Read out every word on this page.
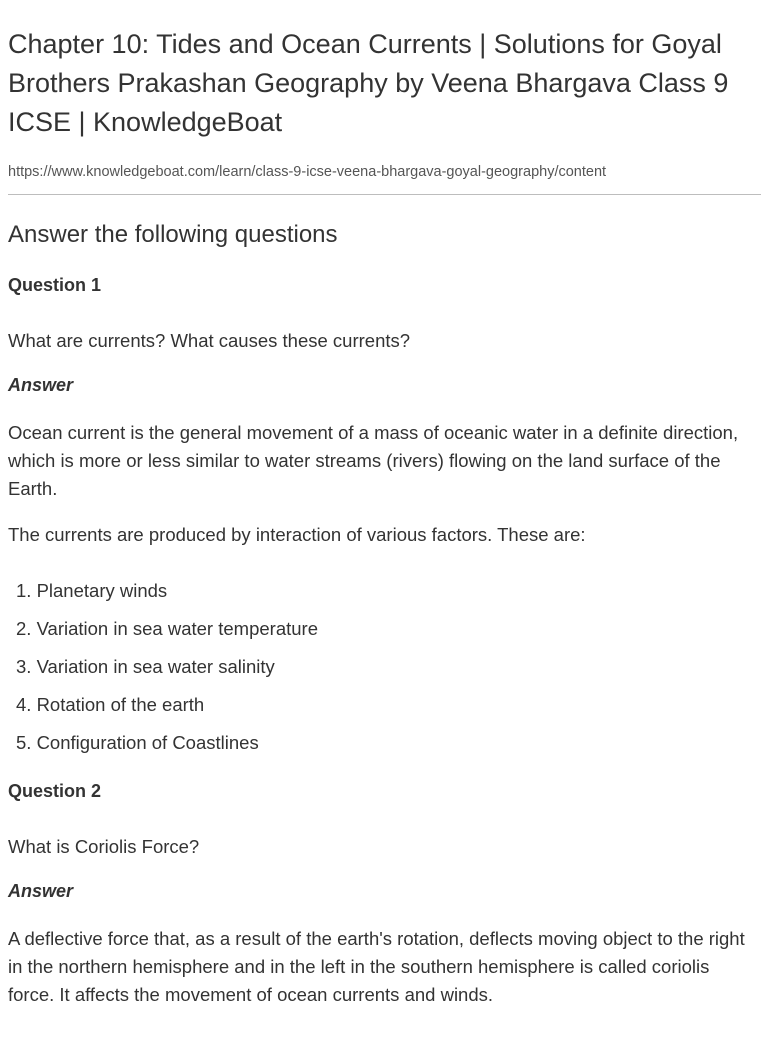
Chapter 10: Tides and Ocean Currents | Solutions for Goyal Brothers Prakashan Geography by Veena Bhargava Class 9 ICSE | KnowledgeBoat
https://www.knowledgeboat.com/learn/class-9-icse-veena-bhargava-goyal-geography/content
Answer the following questions
Question 1
What are currents? What causes these currents?
Answer
Ocean current is the general movement of a mass of oceanic water in a definite direction, which is more or less similar to water streams (rivers) flowing on the land surface of the Earth.
The currents are produced by interaction of various factors. These are:
1. Planetary winds
2. Variation in sea water temperature
3. Variation in sea water salinity
4. Rotation of the earth
5. Configuration of Coastlines
Question 2
What is Coriolis Force?
Answer
A deflective force that, as a result of the earth's rotation, deflects moving object to the right in the northern hemisphere and in the left in the southern hemisphere is called coriolis force. It affects the movement of ocean currents and winds.
